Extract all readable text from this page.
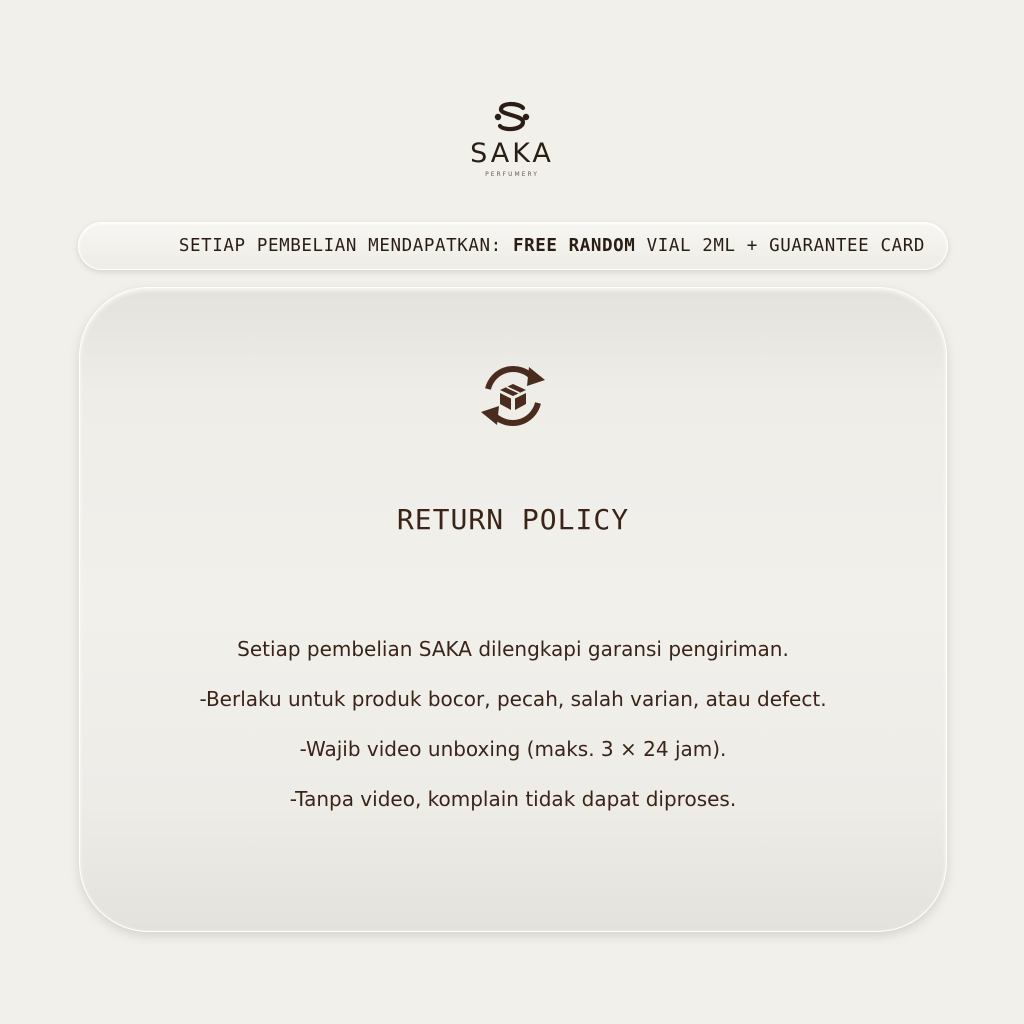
SAKA
PERFUMERY
SETIAP PEMBELIAN MENDAPATKAN: FREE RANDOM VIAL 2ML + GUARANTEE CARD
RETURN POLICY
Setiap pembelian SAKA dilengkapi garansi pengiriman.
-Berlaku untuk produk bocor, pecah, salah varian, atau defect.
-Wajib video unboxing (maks. 3 × 24 jam).
-Tanpa video, komplain tidak dapat diproses.
